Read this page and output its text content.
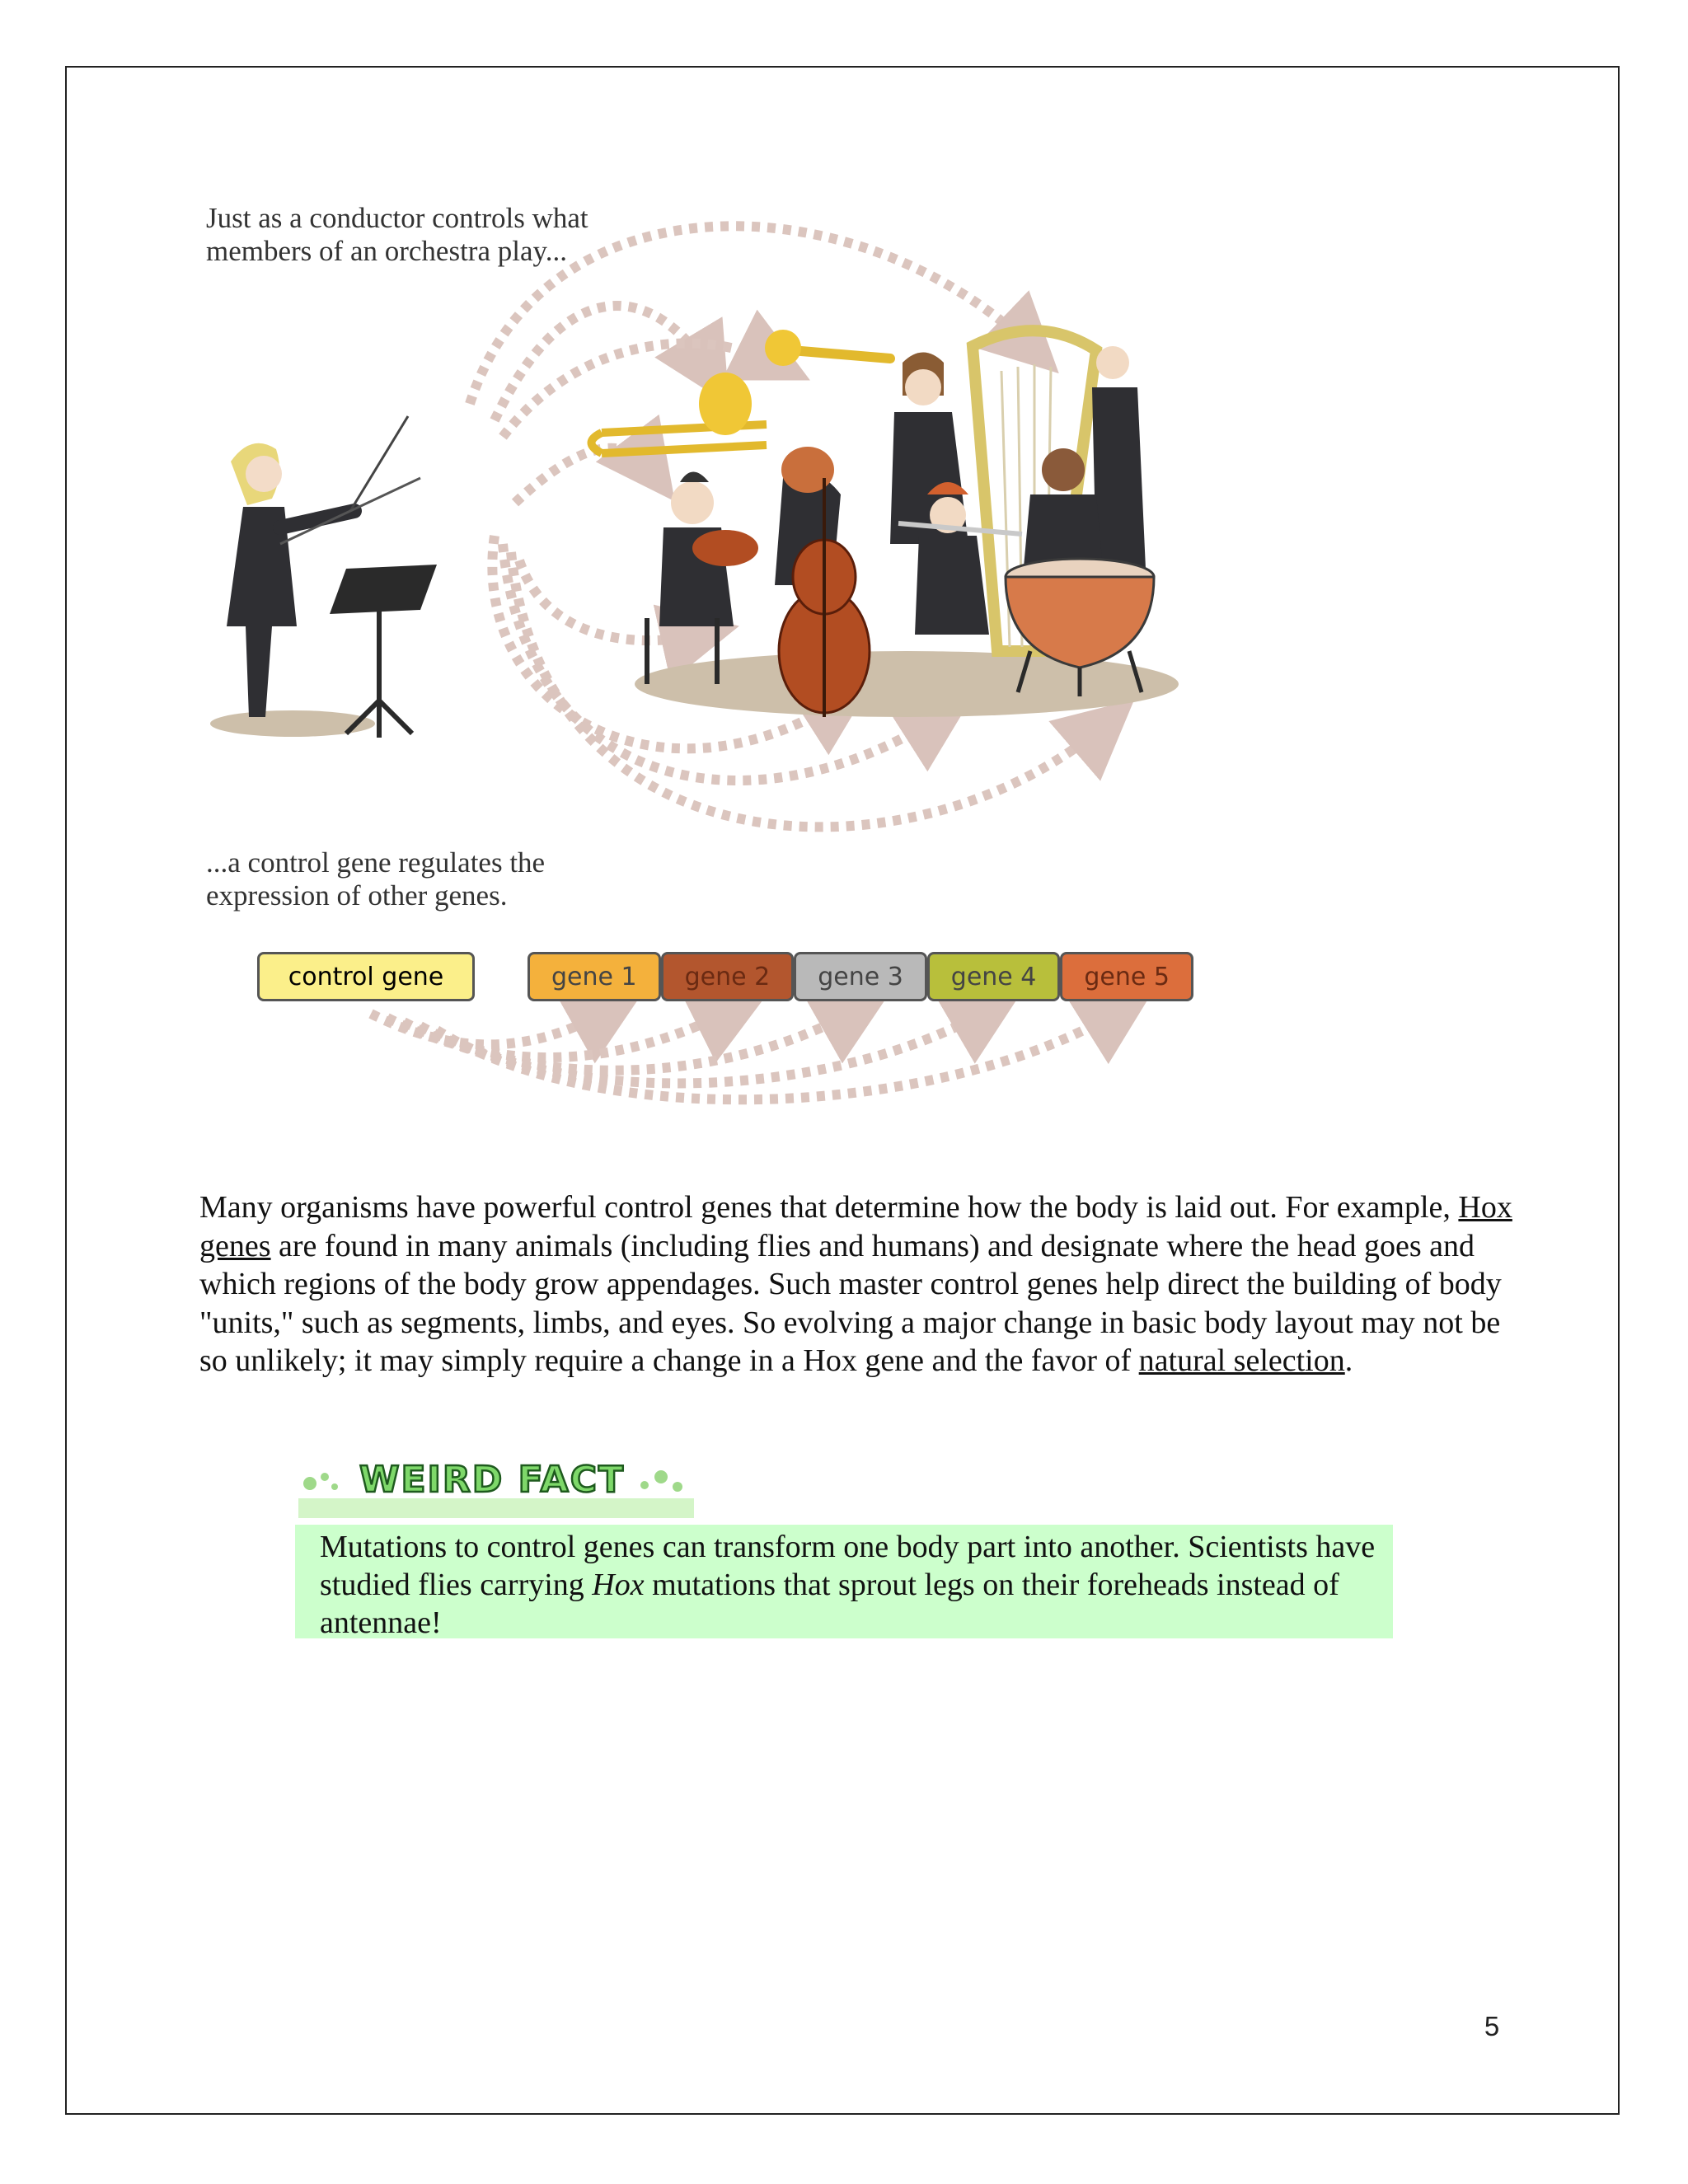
Just as a conductor controls what members of an orchestra play...
...a control gene regulates the expression of other genes.
control gene	gene 1	gene 2	gene 3	gene 4	gene 5
Many organisms have powerful control genes that determine how the body is laid out. For example, Hox genes are found in many animals (including flies and humans) and designate where the head goes and which regions of the body grow appendages. Such master control genes help direct the building of body "units," such as segments, limbs, and eyes. So evolving a major change in basic body layout may not be so unlikely; it may simply require a change in a Hox gene and the favor of natural selection.
WEIRD FACT
Mutations to control genes can transform one body part into another. Scientists have studied flies carrying Hox mutations that sprout legs on their foreheads instead of antennae!
5
